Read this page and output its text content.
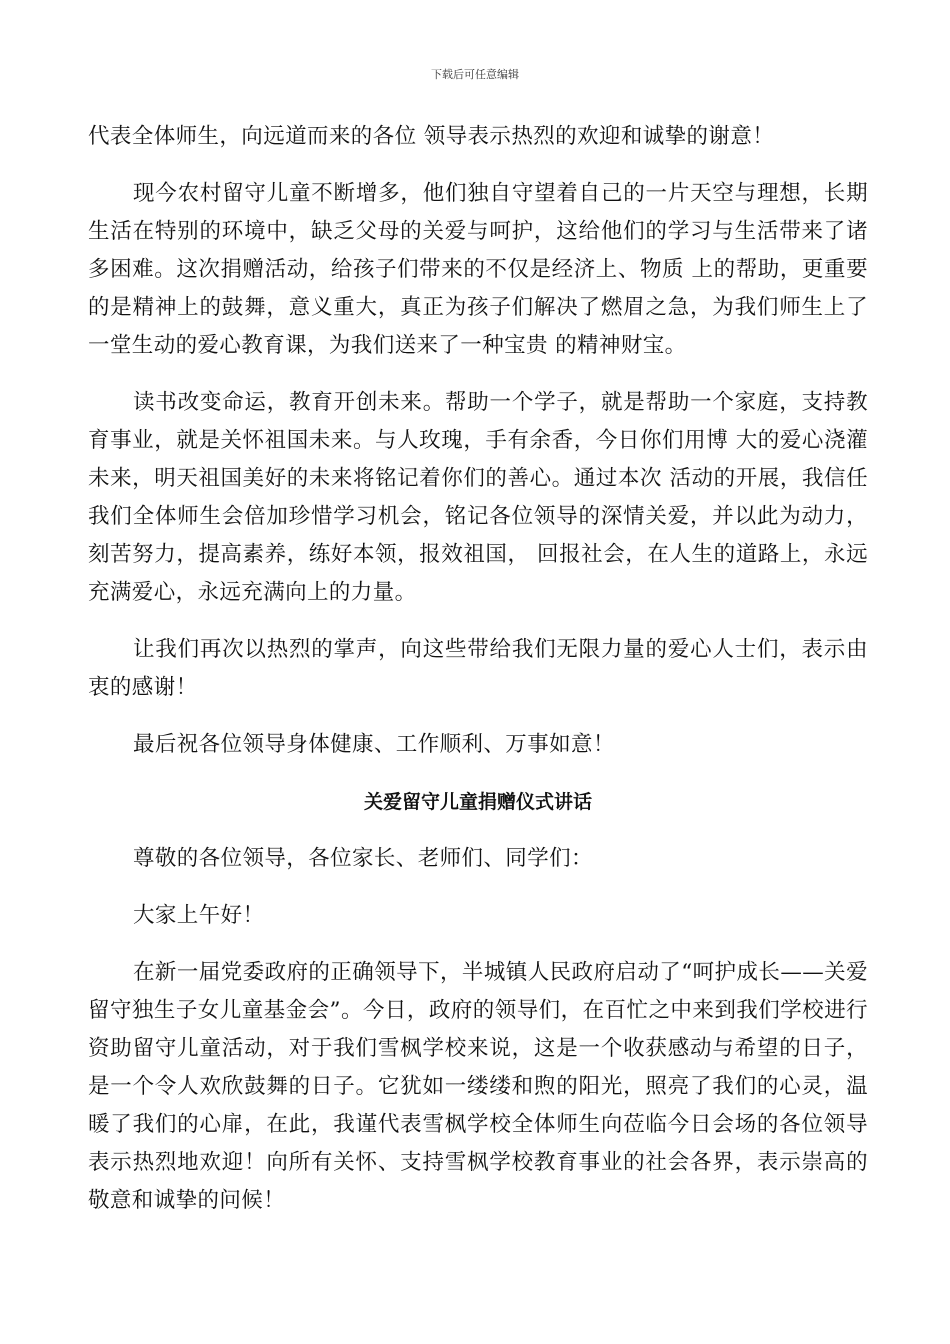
下载后可任意编辑

代表全体师生，向远道而来的各位 领导表示热烈的欢迎和诚挚的谢意！

现今农村留守儿童不断增多，他们独自守望着自己的一片天空与理想，长期生活在特别的环境中，缺乏父母的关爱与呵护，这给他们的学习与生活带来了诸多困难。这次捐赠活动，给孩子们带来的不仅是经济上、物质 上的帮助，更重要的是精神上的鼓舞，意义重大，真正为孩子们解决了燃眉之急，为我们师生上了一堂生动的爱心教育课，为我们送来了一种宝贵 的精神财宝。

读书改变命运，教育开创未来。帮助一个学子，就是帮助一个家庭，支持教育事业，就是关怀祖国未来。与人玫瑰，手有余香，今日你们用博 大的爱心浇灌未来，明天祖国美好的未来将铭记着你们的善心。通过本次 活动的开展，我信任我们全体师生会倍加珍惜学习机会，铭记各位领导的深情关爱，并以此为动力，刻苦努力，提高素养，练好本领，报效祖国， 回报社会，在人生的道路上，永远充满爱心，永远充满向上的力量。

让我们再次以热烈的掌声，向这些带给我们无限力量的爱心人士们，表示由衷的感谢！

最后祝各位领导身体健康、工作顺利、万事如意！

关爱留守儿童捐赠仪式讲话

尊敬的各位领导，各位家长、老师们、同学们：

大家上午好！

在新一届党委政府的正确领导下，半城镇人民政府启动了“呵护成长——关爱留守独生子女儿童基金会”。今日，政府的领导们，在百忙之中来到我们学校进行资助留守儿童活动，对于我们雪枫学校来说，这是一个收获感动与希望的日子，是一个令人欢欣鼓舞的日子。它犹如一缕缕和煦的阳光，照亮了我们的心灵，温暖了我们的心扉，在此，我谨代表雪枫学校全体师生向莅临今日会场的各位领导表示热烈地欢迎！向所有关怀、支持雪枫学校教育事业的社会各界，表示崇高的敬意和诚挚的问候！
